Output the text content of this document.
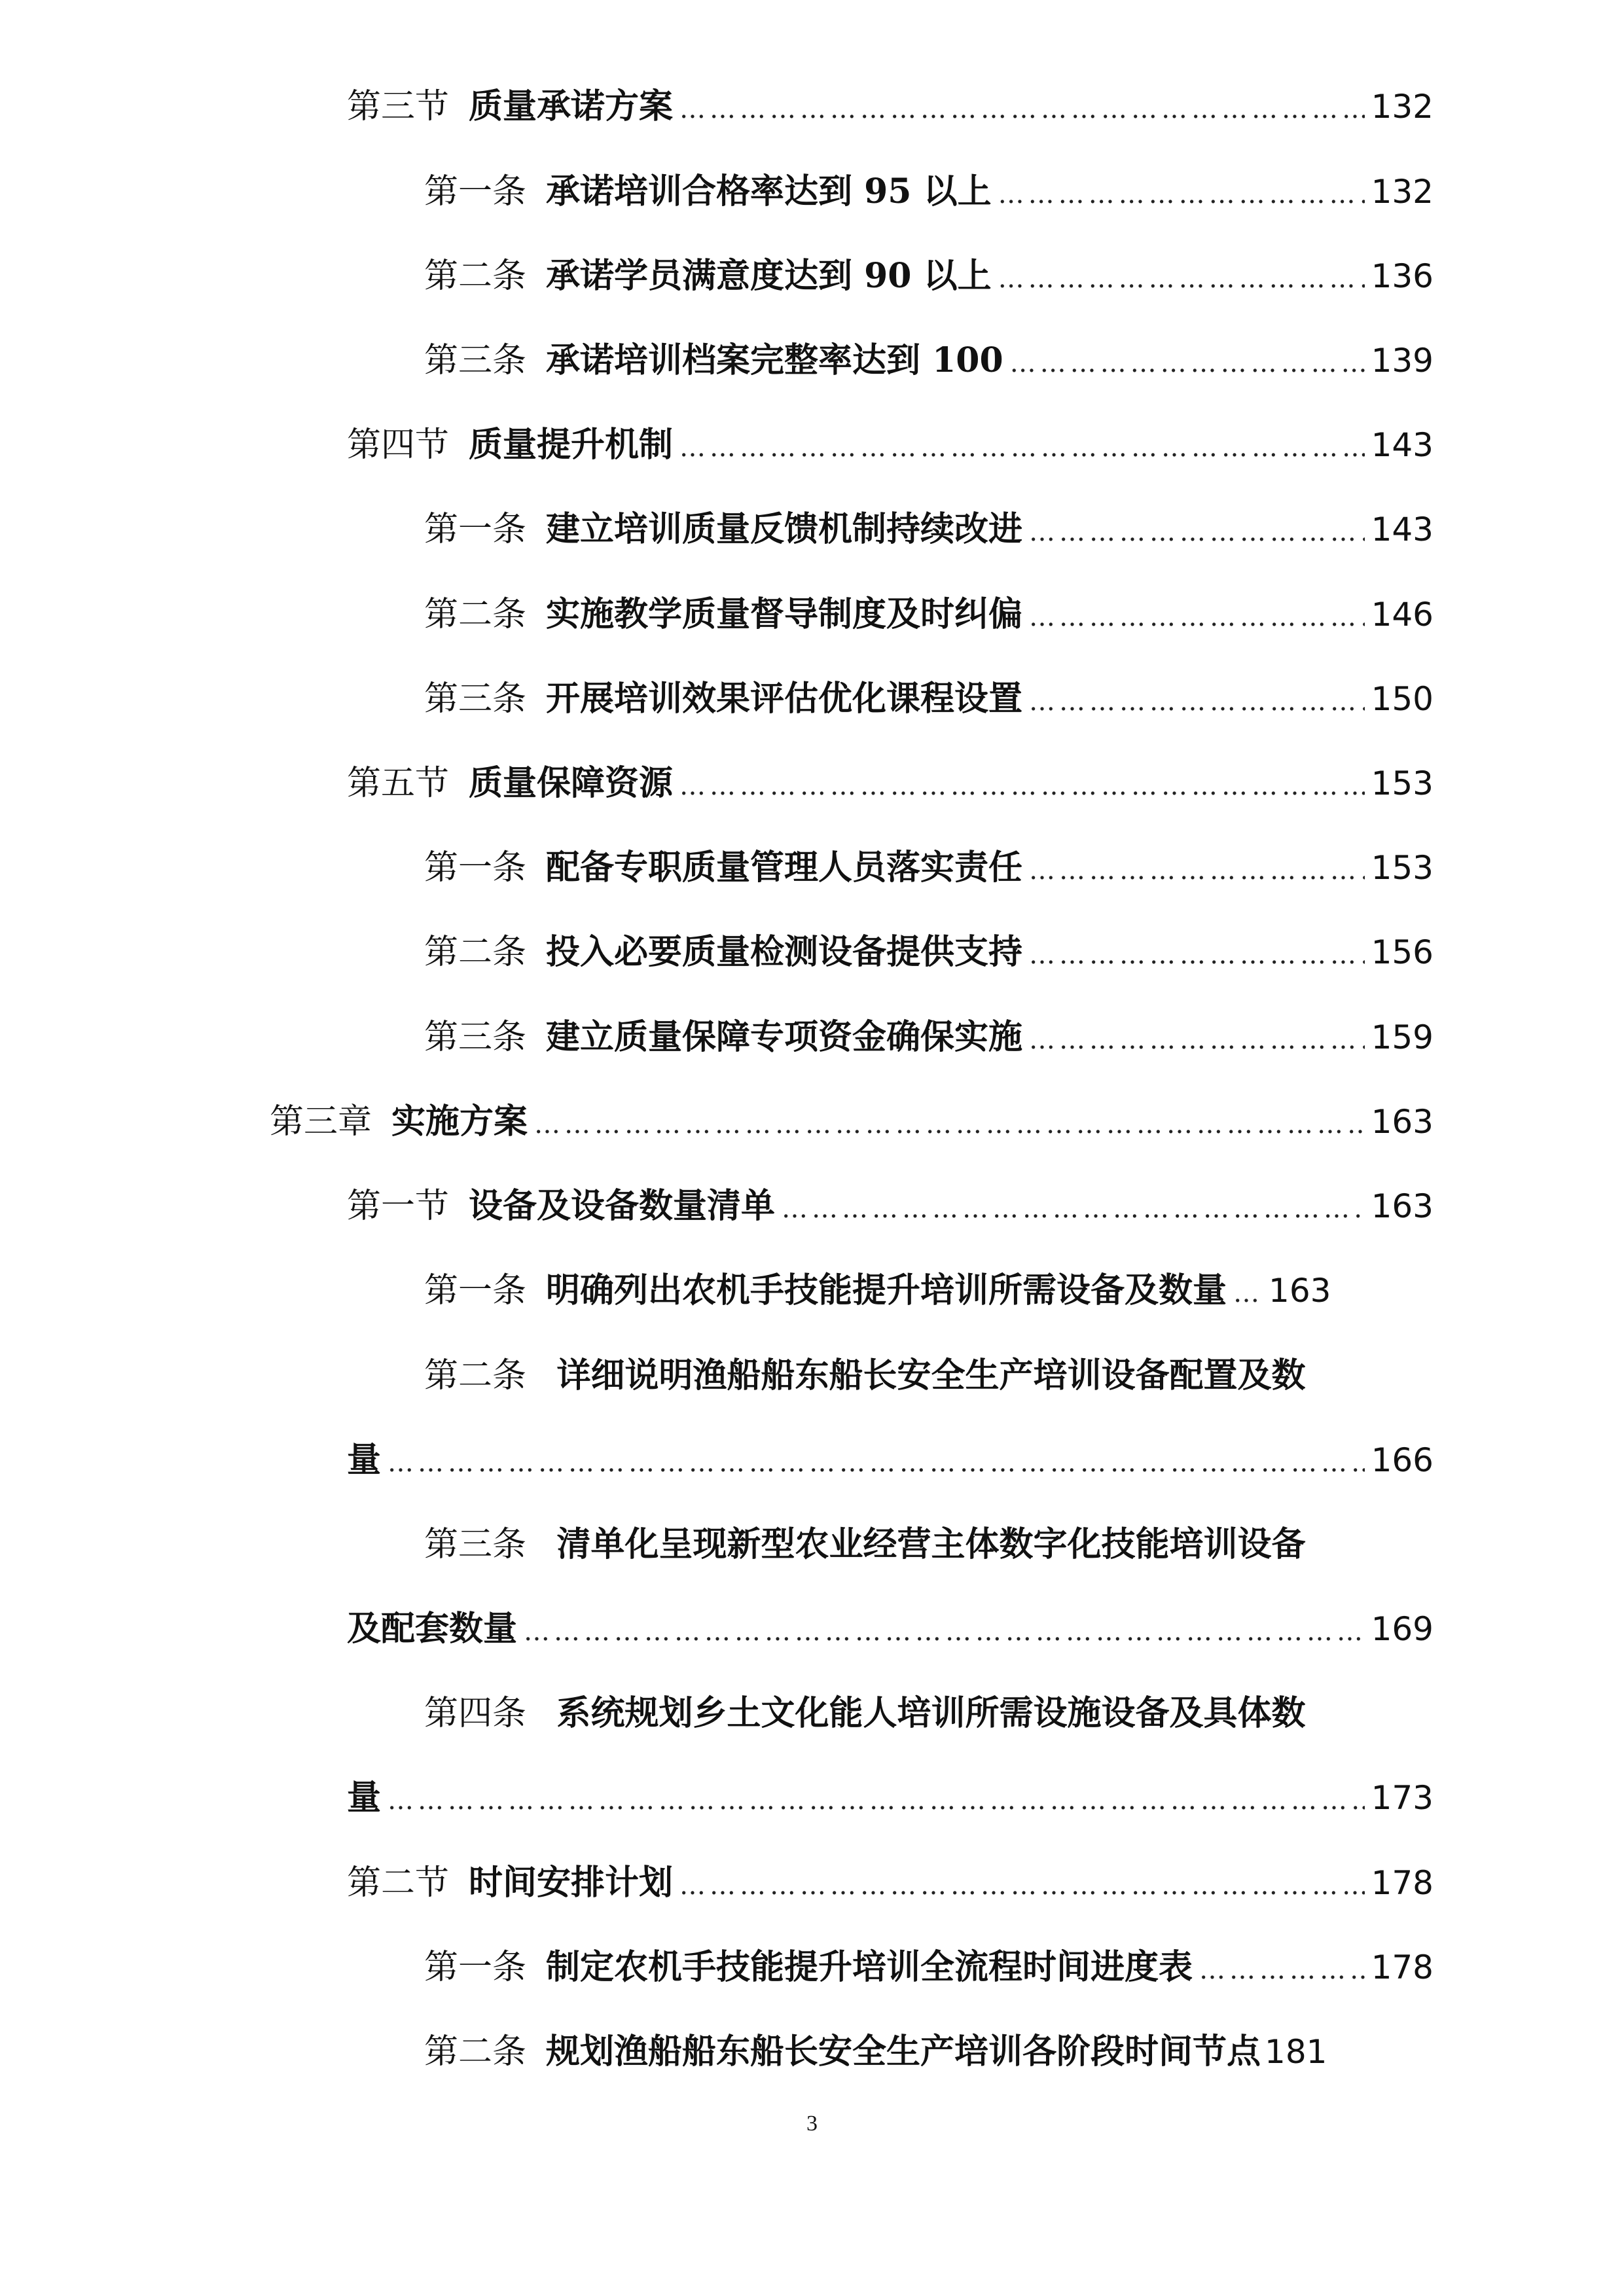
第三节 质量承诺方案 ……………………………………………………………………………………………………………………………………………………………………………………………………………………………………………	132
第一条 承诺培训合格率达到 95 以上 ……………………………………………………………………………………………………………………………………………………………………………………………………………………………………………	132
第二条 承诺学员满意度达到 90 以上 ……………………………………………………………………………………………………………………………………………………………………………………………………………………………………………	136
第三条 承诺培训档案完整率达到 100 ……………………………………………………………………………………………………………………………………………………………………………………………………………………………………………	139
第四节 质量提升机制 ……………………………………………………………………………………………………………………………………………………………………………………………………………………………………………	143
第一条 建立培训质量反馈机制持续改进 ……………………………………………………………………………………………………………………………………………………………………………………………………………………………………………	143
第二条 实施教学质量督导制度及时纠偏 ……………………………………………………………………………………………………………………………………………………………………………………………………………………………………………	146
第三条 开展培训效果评估优化课程设置 ……………………………………………………………………………………………………………………………………………………………………………………………………………………………………………	150
第五节 质量保障资源 ……………………………………………………………………………………………………………………………………………………………………………………………………………………………………………	153
第一条 配备专职质量管理人员落实责任 ……………………………………………………………………………………………………………………………………………………………………………………………………………………………………………	153
第二条 投入必要质量检测设备提供支持 ……………………………………………………………………………………………………………………………………………………………………………………………………………………………………………	156
第三条 建立质量保障专项资金确保实施 ……………………………………………………………………………………………………………………………………………………………………………………………………………………………………………	159
第三章 实施方案 ……………………………………………………………………………………………………………………………………………………………………………………………………………………………………………	163
第一节 设备及设备数量清单 ……………………………………………………………………………………………………………………………………………………………………………………………………………………………………………	163
第一条 明确列出农机手技能提升培训所需设备及数量 …………………………………………………………………………………………………………………………………………………………………………………………………………………………………………… 163
第二条 详细说明渔船船东船长安全生产培训设备配置及数
量 ……………………………………………………………………………………………………………………………………………………………………………………………………………………………………………	166
第三条 清单化呈现新型农业经营主体数字化技能培训设备
及配套数量 ……………………………………………………………………………………………………………………………………………………………………………………………………………………………………………	169
第四条 系统规划乡土文化能人培训所需设施设备及具体数
量 ……………………………………………………………………………………………………………………………………………………………………………………………………………………………………………	173
第二节 时间安排计划 ……………………………………………………………………………………………………………………………………………………………………………………………………………………………………………	178
第一条 制定农机手技能提升培训全流程时间进度表 ……………………………………………………………………………………………………………………………………………………………………………………………………………………………………………	178
第二条 规划渔船船东船长安全生产培训各阶段时间节点 181
3
